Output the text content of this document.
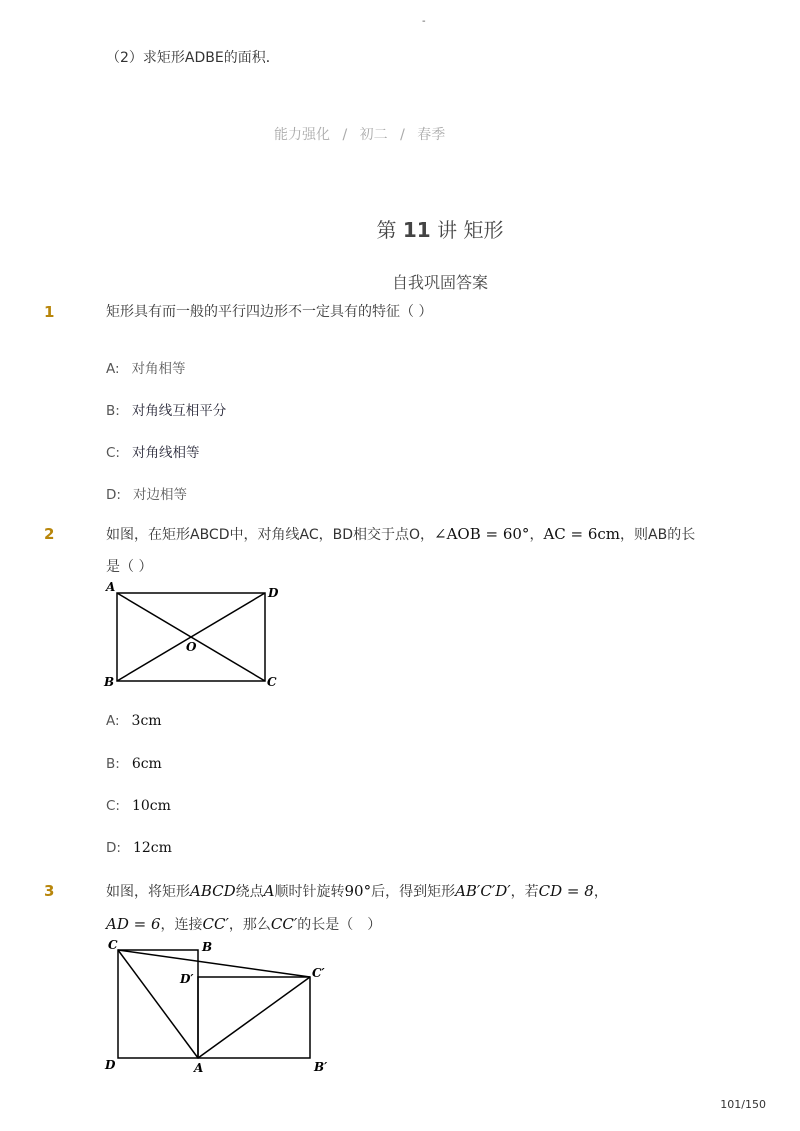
-
（2）求矩形ADBE的面积．
能力强化 / 初二 / 春季
第 11 讲 矩形
自我巩固答案
1	矩形具有而一般的平行四边形不一定具有的特征（ ）
A: 对角相等
B: 对角线互相平分
C: 对角线相等
D: 对边相等
2	如图，在矩形ABCD中，对角线AC，BD相交于点O，∠AOB = 60°，AC = 6cm，则AB的长
是（ ）
A	D
B	C
O
A: 3cm
B: 6cm
C: 10cm
D: 12cm
3	如图，将矩形ABCD绕点A顺时针旋转90°后，得到矩形AB′C′D′，若CD = 8，
AD = 6，连接CC′，那么CC′的长是（　）
C	B
D′	C′
D	A	B′
101/150
